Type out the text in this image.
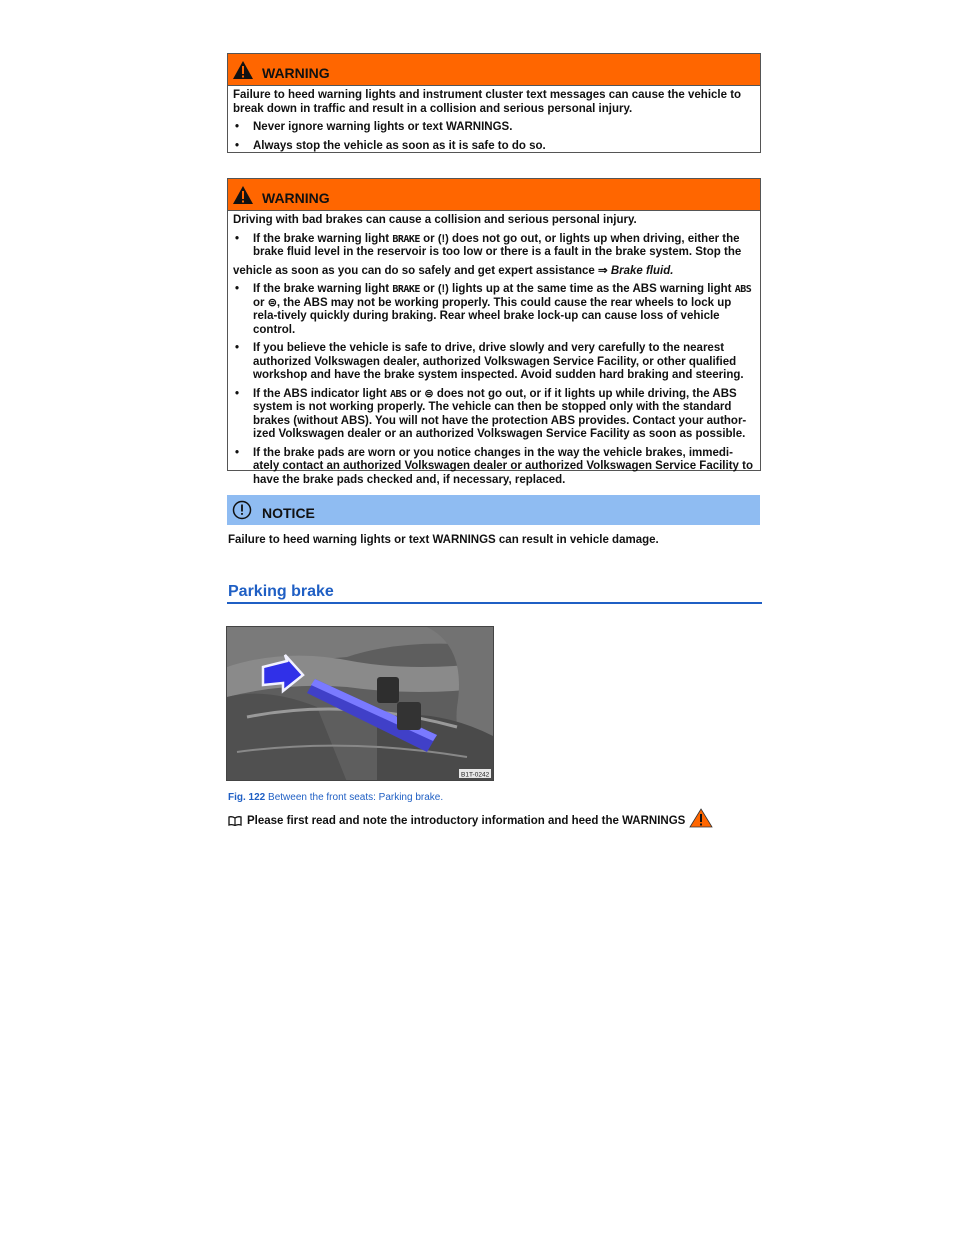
WARNING

Failure to heed warning lights and instrument cluster text messages can cause the vehicle to break down in traffic and result in a collision and serious personal injury.

•	Never ignore warning lights or text WARNINGS.
•	Always stop the vehicle as soon as it is safe to do so.
WARNING

Driving with bad brakes can cause a collision and serious personal injury.

•	If the brake warning light BRAKE or (!) does not go out, or lights up when driving, either the brake fluid level in the reservoir is too low or there is a fault in the brake system. Stop the

vehicle as soon as you can do so safely and get expert assistance ⇒ Brake fluid.

•	If the brake warning light BRAKE or (!) lights up at the same time as the ABS warning light ABS or ⊜, the ABS may not be working properly. This could cause the rear wheels to lock up rela-tively quickly during braking. Rear wheel brake lock-up can cause loss of vehicle control.
•	If you believe the vehicle is safe to drive, drive slowly and very carefully to the nearest authorized Volkswagen dealer, authorized Volkswagen Service Facility, or other qualified workshop and have the brake system inspected. Avoid sudden hard braking and steering.
•	If the ABS indicator light ABS or ⊜ does not go out, or if it lights up while driving, the ABS system is not working properly. The vehicle can then be stopped only with the standard brakes (without ABS). You will not have the protection ABS provides. Contact your author-ized Volkswagen dealer or an authorized Volkswagen Service Facility as soon as possible.
•	If the brake pads are worn or you notice changes in the way the vehicle brakes, immedi-ately contact an authorized Volkswagen dealer or authorized Volkswagen Service Facility to have the brake pads checked and, if necessary, replaced.
NOTICE
Failure to heed warning lights or text WARNINGS can result in vehicle damage.
Parking brake
B1T-0242
Fig. 122 Between the front seats: Parking brake.
Please first read and note the introductory information and heed the WARNINGS
